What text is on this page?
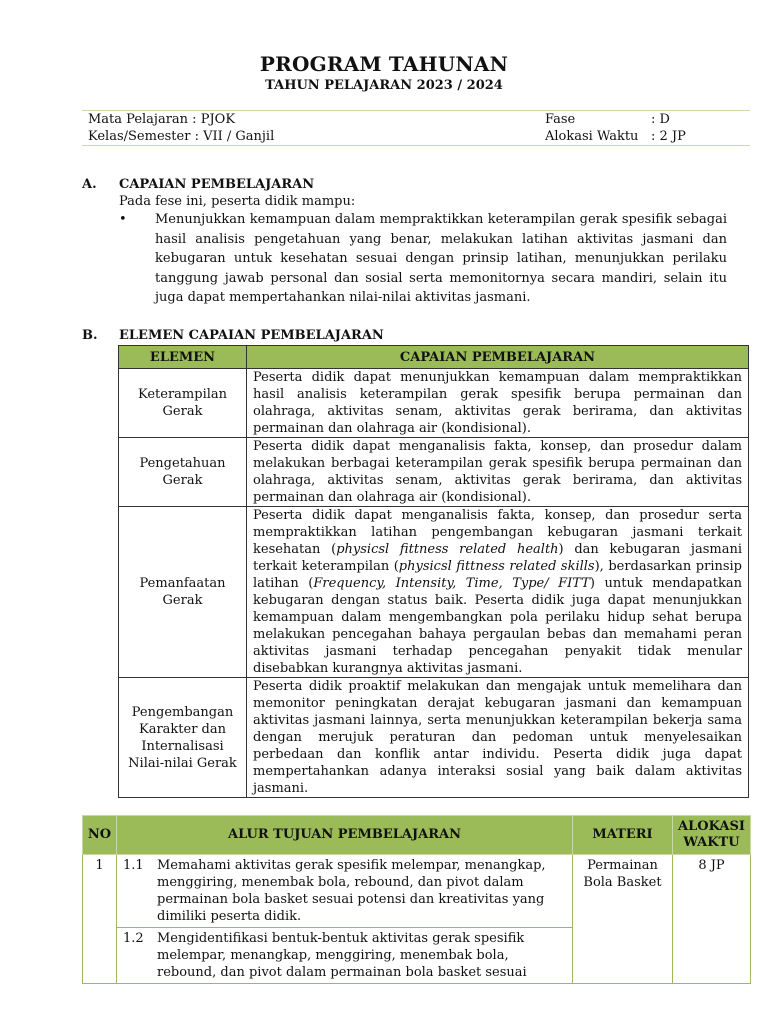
PROGRAM TAHUNAN
TAHUN PELAJARAN 2023 / 2024
Mata Pelajaran : PJOK	Fase	: D
Kelas/Semester : VII / Ganjil	Alokasi Waktu : 2 JP
A. CAPAIAN PEMBELAJARAN
Pada fese ini, peserta didik mampu:
• Menunjukkan kemampuan dalam mempraktikkan keterampilan gerak spesifik sebagai hasil analisis pengetahuan yang benar, melakukan latihan aktivitas jasmani dan kebugaran untuk kesehatan sesuai dengan prinsip latihan, menunjukkan perilaku tanggung jawab personal dan sosial serta memonitornya secara mandiri, selain itu juga dapat mempertahankan nilai-nilai aktivitas jasmani.
B. ELEMEN CAPAIAN PEMBELAJARAN
ELEMEN	CAPAIAN PEMBELAJARAN
Keterampilan Gerak	Peserta didik dapat menunjukkan kemampuan dalam mempraktikkan hasil analisis keterampilan gerak spesifik berupa permainan dan olahraga, aktivitas senam, aktivitas gerak berirama, dan aktivitas permainan dan olahraga air (kondisional).
Pengetahuan Gerak	Peserta didik dapat menganalisis fakta, konsep, dan prosedur dalam melakukan berbagai keterampilan gerak spesifik berupa permainan dan olahraga, aktivitas senam, aktivitas gerak berirama, dan aktivitas permainan dan olahraga air (kondisional).
Pemanfaatan Gerak	Peserta didik dapat menganalisis fakta, konsep, dan prosedur serta mempraktikkan latihan pengembangan kebugaran jasmani terkait kesehatan (physicsl fittness related health) dan kebugaran jasmani terkait keterampilan (physicsl fittness related skills), berdasarkan prinsip latihan (Frequency, Intensity, Time, Type/ FITT) untuk mendapatkan kebugaran dengan status baik. Peserta didik juga dapat menunjukkan kemampuan dalam mengembangkan pola perilaku hidup sehat berupa melakukan pencegahan bahaya pergaulan bebas dan memahami peran aktivitas jasmani terhadap pencegahan penyakit tidak menular disebabkan kurangnya aktivitas jasmani.
Pengembangan Karakter dan Internalisasi Nilai-nilai Gerak	Peserta didik proaktif melakukan dan mengajak untuk memelihara dan memonitor peningkatan derajat kebugaran jasmani dan kemampuan aktivitas jasmani lainnya, serta menunjukkan keterampilan bekerja sama dengan merujuk peraturan dan pedoman untuk menyelesaikan perbedaan dan konflik antar individu. Peserta didik juga dapat mempertahankan adanya interaksi sosial yang baik dalam aktivitas jasmani.
NO	ALUR TUJUAN PEMBELAJARAN	MATERI	ALOKASI WAKTU
1	1.1 Memahami aktivitas gerak spesifik melempar, menangkap, menggiring, menembak bola, rebound, dan pivot dalam permainan bola basket sesuai potensi dan kreativitas yang dimiliki peserta didik.
1.2 Mengidentifikasi bentuk-bentuk aktivitas gerak spesifik melempar, menangkap, menggiring, menembak bola, rebound, dan pivot dalam permainan bola basket sesuai	Permainan Bola Basket	8 JP
